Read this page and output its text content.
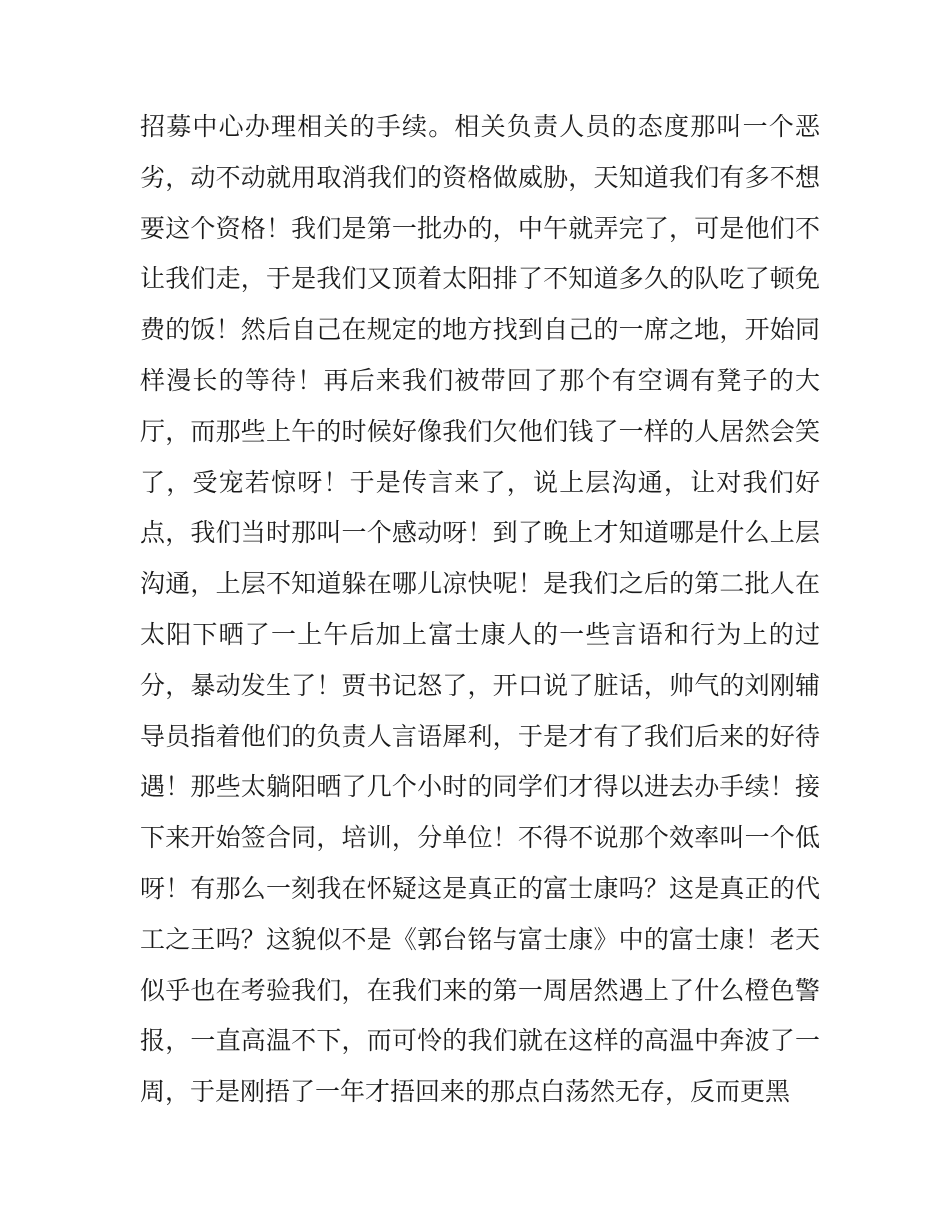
招募中心办理相关的手续。相关负责人员的态度那叫一个恶
劣，动不动就用取消我们的资格做威胁，天知道我们有多不想
要这个资格！我们是第一批办的，中午就弄完了，可是他们不
让我们走，于是我们又顶着太阳排了不知道多久的队吃了顿免
费的饭！然后自己在规定的地方找到自己的一席之地，开始同
样漫长的等待！再后来我们被带回了那个有空调有凳子的大
厅，而那些上午的时候好像我们欠他们钱了一样的人居然会笑
了，受宠若惊呀！于是传言来了，说上层沟通，让对我们好
点，我们当时那叫一个感动呀！到了晚上才知道哪是什么上层
沟通，上层不知道躲在哪儿凉快呢！是我们之后的第二批人在
太阳下晒了一上午后加上富士康人的一些言语和行为上的过
分，暴动发生了！贾书记怒了，开口说了脏话，帅气的刘刚辅
导员指着他们的负责人言语犀利，于是才有了我们后来的好待
遇！那些太躺阳晒了几个小时的同学们才得以进去办手续！接
下来开始签合同，培训，分单位！不得不说那个效率叫一个低
呀！有那么一刻我在怀疑这是真正的富士康吗？这是真正的代
工之王吗？这貌似不是《郭台铭与富士康》中的富士康！老天
似乎也在考验我们，在我们来的第一周居然遇上了什么橙色警
报，一直高温不下，而可怜的我们就在这样的高温中奔波了一
周，于是刚捂了一年才捂回来的那点白荡然无存，反而更黑
